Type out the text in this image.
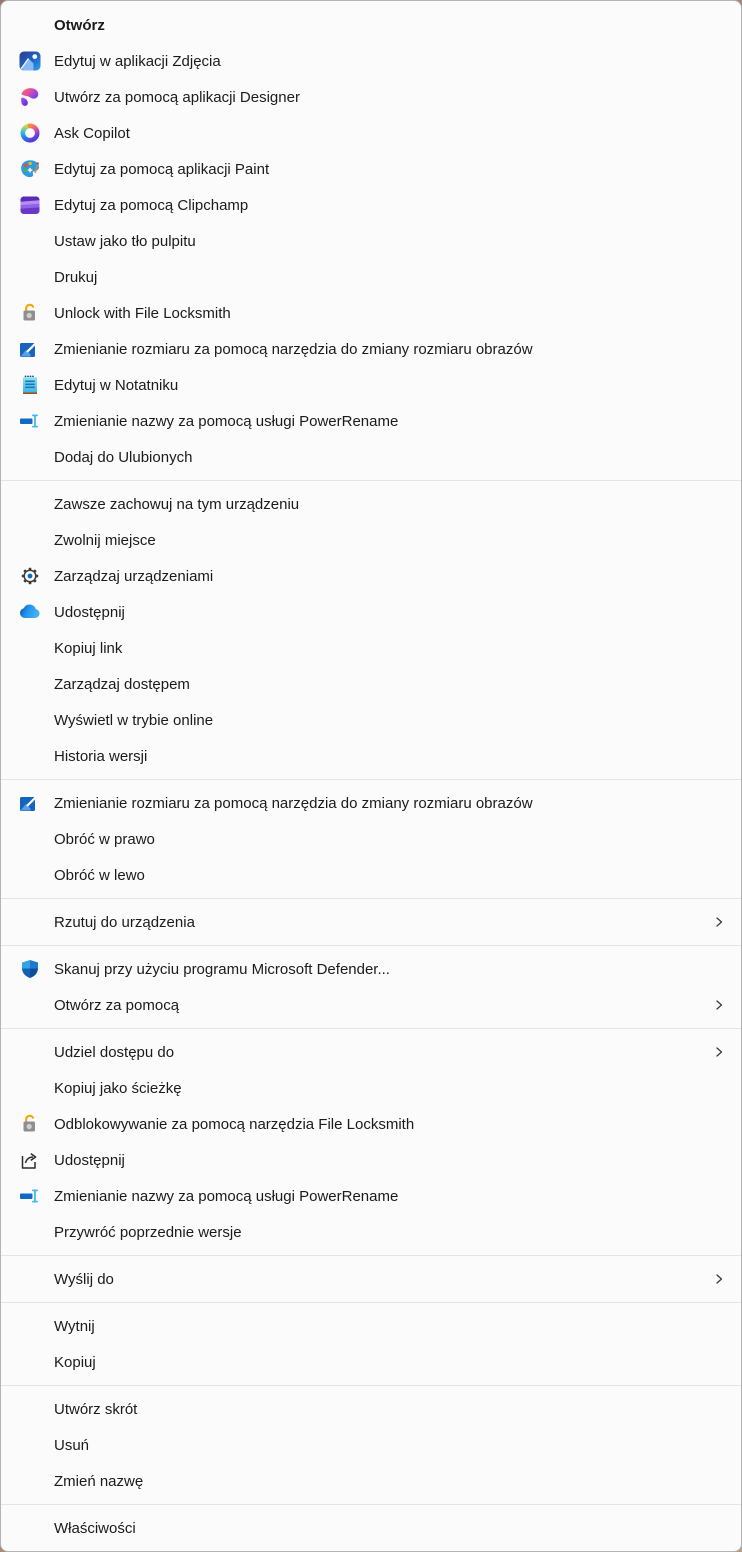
Otwórz
Edytuj w aplikacji Zdjęcia
Utwórz za pomocą aplikacji Designer
Ask Copilot
Edytuj za pomocą aplikacji Paint
Edytuj za pomocą Clipchamp
Ustaw jako tło pulpitu
Drukuj
Unlock with File Locksmith
Zmienianie rozmiaru za pomocą narzędzia do zmiany rozmiaru obrazów
Edytuj w Notatniku
Zmienianie nazwy za pomocą usługi PowerRename
Dodaj do Ulubionych
Zawsze zachowuj na tym urządzeniu
Zwolnij miejsce
Zarządzaj urządzeniami
Udostępnij
Kopiuj link
Zarządzaj dostępem
Wyświetl w trybie online
Historia wersji
Zmienianie rozmiaru za pomocą narzędzia do zmiany rozmiaru obrazów
Obróć w prawo
Obróć w lewo
Rzutuj do urządzenia
Skanuj przy użyciu programu Microsoft Defender...
Otwórz za pomocą
Udziel dostępu do
Kopiuj jako ścieżkę
Odblokowywanie za pomocą narzędzia File Locksmith
Udostępnij
Zmienianie nazwy za pomocą usługi PowerRename
Przywróć poprzednie wersje
Wyślij do
Wytnij
Kopiuj
Utwórz skrót
Usuń
Zmień nazwę
Właściwości
